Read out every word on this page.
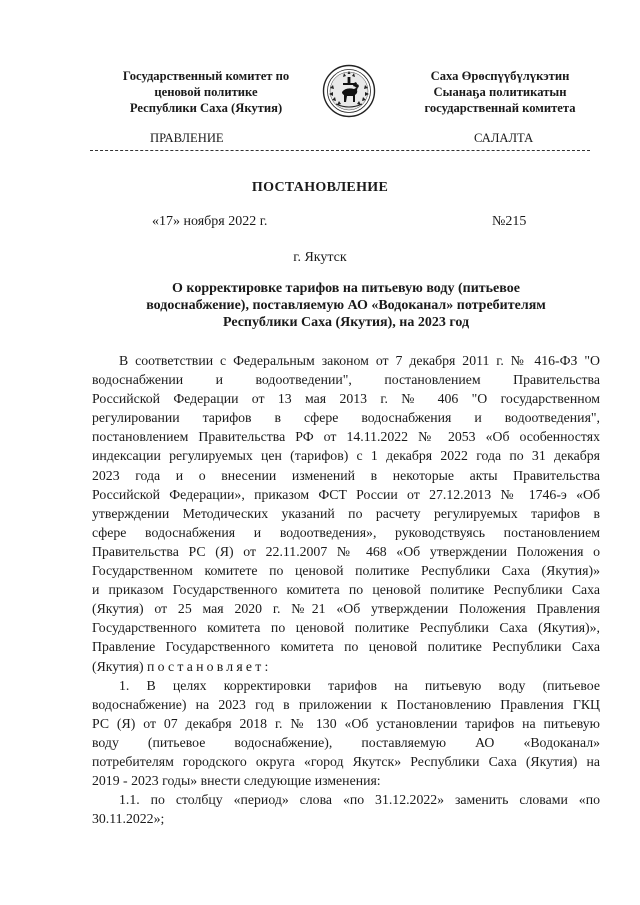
Государственный комитет по
ценовой политике
Республики Саха (Якутия)
Саха Өрөспүүбүлүкэтин
Сыанаҕа политикатын
государственнай комитета
ПРАВЛЕНИЕ	САЛАЛТА
ПОСТАНОВЛЕНИЕ
«17» ноября 2022 г.	№215
г. Якутск
О корректировке тарифов на питьевую воду (питьевое
водоснабжение), поставляемую АО «Водоканал» потребителям
Республики Саха (Якутия), на 2023 год
В соответствии с Федеральным законом от 7 декабря 2011 г. № 416-ФЗ "О
водоснабжении и водоотведении", постановлением Правительства
Российской Федерации от 13 мая 2013 г. № 406 "О государственном
регулировании тарифов в сфере водоснабжения и водоотведения",
постановлением Правительства РФ от 14.11.2022 № 2053 «Об особенностях
индексации регулируемых цен (тарифов) с 1 декабря 2022 года по 31 декабря
2023 года и о внесении изменений в некоторые акты Правительства
Российской Федерации», приказом ФСТ России от 27.12.2013 № 1746-э «Об
утверждении Методических указаний по расчету регулируемых тарифов в
сфере водоснабжения и водоотведения», руководствуясь постановлением
Правительства РС (Я) от 22.11.2007 № 468 «Об утверждении Положения о
Государственном комитете по ценовой политике Республики Саха (Якутия)»
и приказом Государственного комитета по ценовой политике Республики Саха
(Якутия) от 25 мая 2020 г. №21 «Об утверждении Положения Правления
Государственного комитета по ценовой политике Республики Саха (Якутия)»,
Правление Государственного комитета по ценовой политике Республики Саха
(Якутия) постановляет:
1. В целях корректировки тарифов на питьевую воду (питьевое
водоснабжение) на 2023 год в приложении к Постановлению Правления ГКЦ
РС (Я) от 07 декабря 2018 г. № 130 «Об установлении тарифов на питьевую
воду (питьевое водоснабжение), поставляемую АО «Водоканал»
потребителям городского округа «город Якутск» Республики Саха (Якутия) на
2019 - 2023 годы» внести следующие изменения:
1.1. по столбцу «период» слова «по 31.12.2022» заменить словами «по
30.11.2022»;
